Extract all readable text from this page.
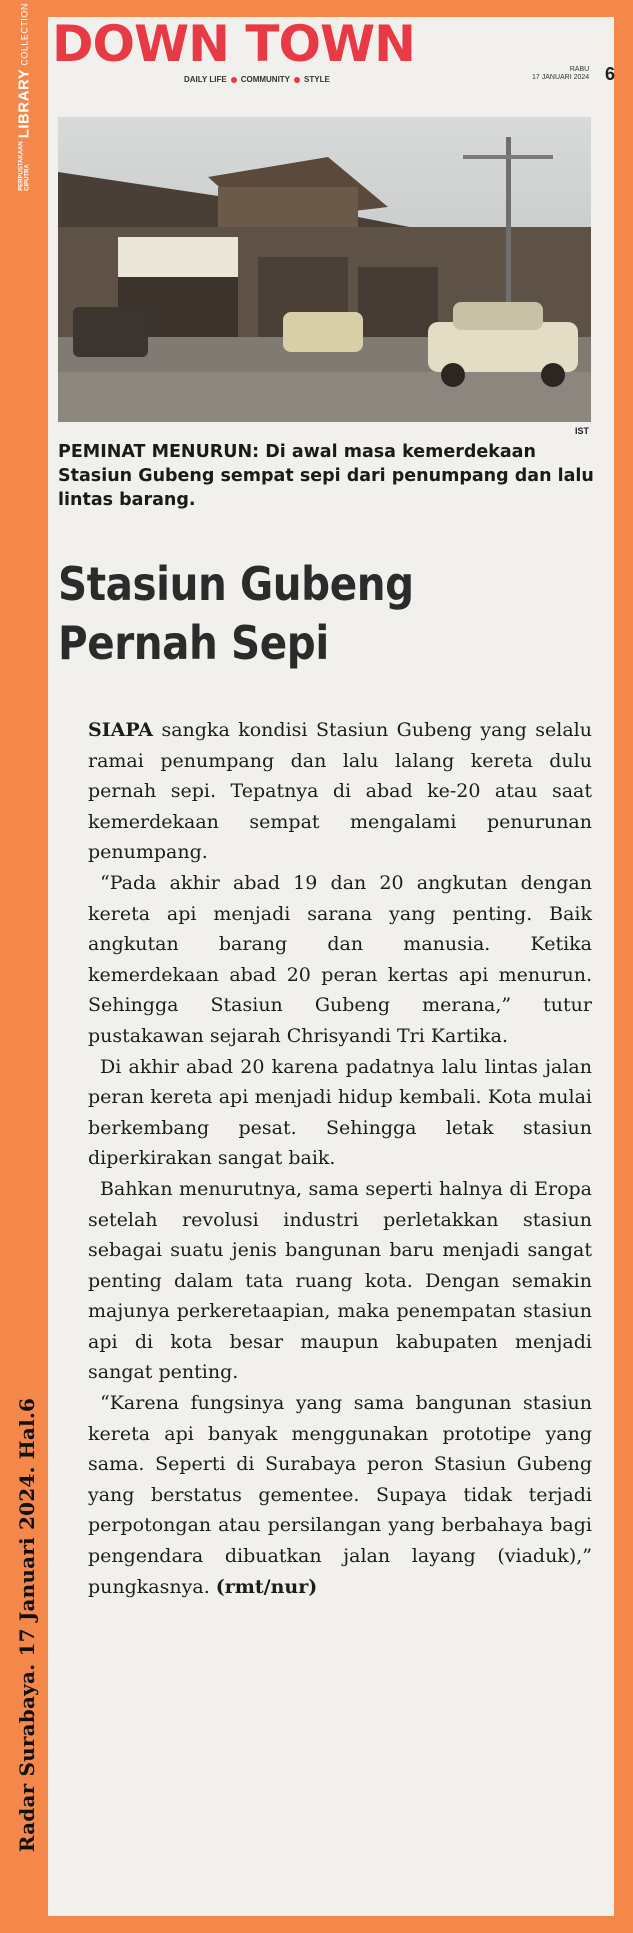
PERPUSTAKAAN CIPUTRA
LIBRARY
COLLECTION
Radar Surabaya. 17 Januari 2024. Hal.6
DOWN TOWN
DAILY LIFE COMMUNITY STYLE
RABU
17 JANUARI 2024 6
IST
PEMINAT MENURUN: Di awal masa kemerdekaan Stasiun Gubeng sempat sepi dari penumpang dan lalu lintas barang.
Stasiun Gubeng
Pernah Sepi

SIAPA sangka kondisi Stasiun Gubeng yang selalu ramai penumpang dan lalu lalang kereta dulu pernah sepi. Tepatnya di abad ke-20 atau saat kemerdekaan sempat mengalami penurunan penumpang.

“Pada akhir abad 19 dan 20 angkutan dengan kereta api menjadi sarana yang penting. Baik angkutan barang dan manusia. Ketika kemerdekaan abad 20 peran kertas api menurun. Sehingga Stasiun Gubeng merana,” tutur pustakawan sejarah Chrisyandi Tri Kartika.

Di akhir abad 20 karena padatnya lalu lintas jalan peran kereta api menjadi hidup kembali. Kota mulai berkembang pesat. Sehingga letak stasiun diperkirakan sangat baik.

Bahkan menurutnya, sama seperti halnya di Eropa setelah revolusi industri perletakkan stasiun sebagai suatu jenis bangunan baru menjadi sangat penting dalam tata ruang kota. Dengan semakin majunya perkeretaapian, maka penempatan stasiun api di kota besar maupun kabupaten menjadi sangat penting.

“Karena fungsinya yang sama bangunan stasiun kereta api banyak menggunakan prototipe yang sama. Seperti di Surabaya peron Stasiun Gubeng yang berstatus gementee. Supaya tidak terjadi perpotongan atau persilangan yang berbahaya bagi pengendara dibuatkan jalan layang (viaduk),” pungkasnya. (rmt/nur)
